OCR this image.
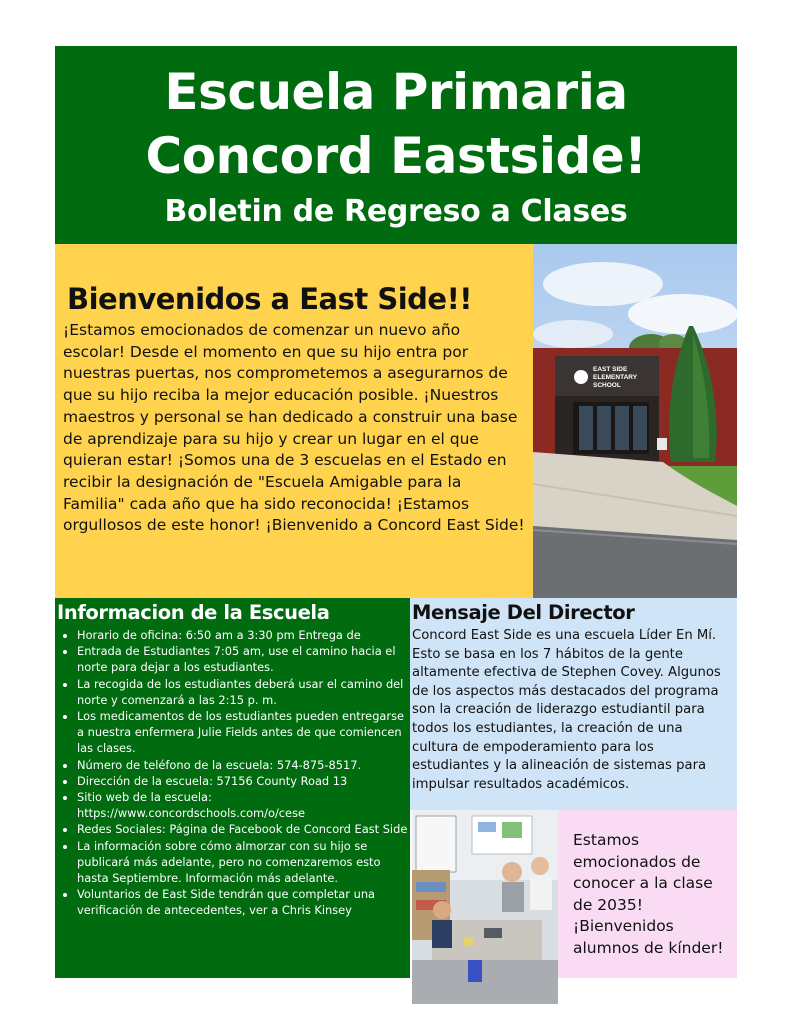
Escuela Primaria
Concord Eastside!
Boletin de Regreso a Clases
Bienvenidos a East Side!!
¡Estamos emocionados de comenzar un nuevo año escolar! Desde el momento en que su hijo entra por nuestras puertas, nos comprometemos a asegurarnos de que su hijo reciba la mejor educación posible. ¡Nuestros maestros y personal se han dedicado a construir una base de aprendizaje para su hijo y crear un lugar en el que quieran estar! ¡Somos una de 3 escuelas en el Estado en recibir la designación de "Escuela Amigable para la Familia" cada año que ha sido reconocida! ¡Estamos orgullosos de este honor! ¡Bienvenido a Concord East Side!
EAST SIDE
ELEMENTARY
SCHOOL
Informacion de la Escuela
• Horario de oficina: 6:50 am a 3:30 pm Entrega de
• Entrada de Estudiantes 7:05 am, use el camino hacia el norte para dejar a los estudiantes.
• La recogida de los estudiantes deberá usar el camino del norte y comenzará a las 2:15 p. m.
• Los medicamentos de los estudiantes pueden entregarse a nuestra enfermera Julie Fields antes de que comiencen las clases.
• Número de teléfono de la escuela: 574-875-8517.
• Dirección de la escuela: 57156 County Road 13
• Sitio web de la escuela: https://www.concordschools.com/o/cese
• Redes Sociales: Página de Facebook de Concord East Side
• La información sobre cómo almorzar con su hijo se publicará más adelante, pero no comenzaremos esto hasta Septiembre. Información más adelante.
• Voluntarios de East Side tendrán que completar una verificación de antecedentes, ver a Chris Kinsey
Mensaje Del Director
Concord East Side es una escuela Líder En Mí. Esto se basa en los 7 hábitos de la gente altamente efectiva de Stephen Covey. Algunos de los aspectos más destacados del programa son la creación de liderazgo estudiantil para todos los estudiantes, la creación de una cultura de empoderamiento para los estudiantes y la alineación de sistemas para impulsar resultados académicos.
Estamos emocionados de conocer a la clase de 2035! ¡Bienvenidos alumnos de kínder!
